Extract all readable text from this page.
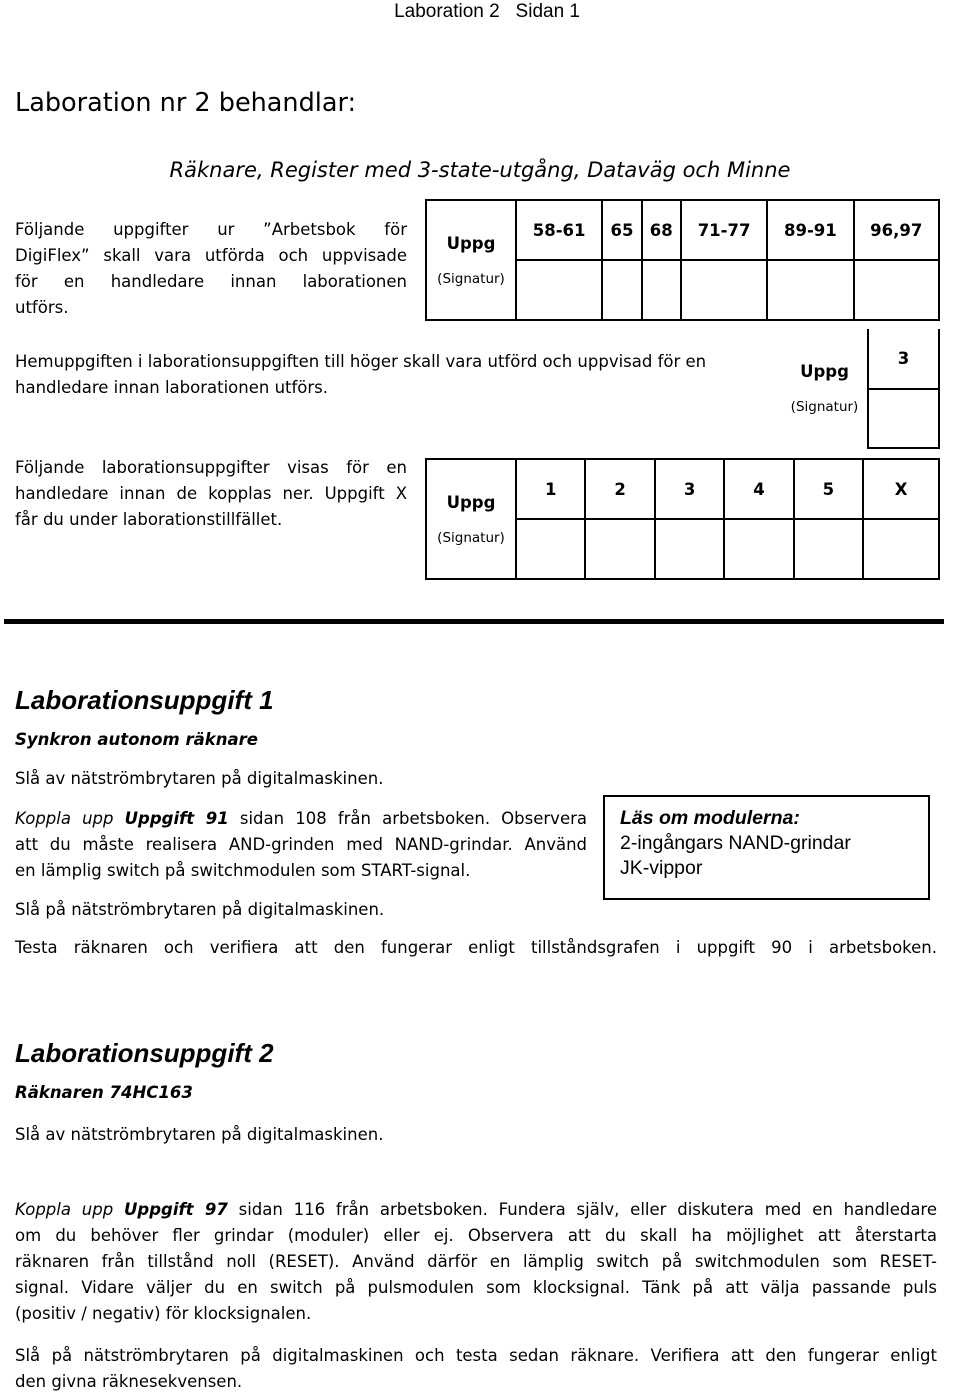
Laboration 2   Sidan 1
Laboration nr 2 behandlar:
Räknare, Register med 3-state-utgång, Dataväg och Minne
Följande uppgifter ur ”Arbetsbok för
DigiFlex” skall vara utförda och uppvisade
för en handledare innan laborationen
utförs.
Uppg
(Signatur)	58-61	65	68	71-77	89-91	96,97

Hemuppgiften i laborationsuppgiften till höger skall vara utförd och uppvisad för en
handledare innan laborationen utförs.
Uppg
(Signatur)
	3

Följande laborationsuppgifter visas för en
handledare innan de kopplas ner. Uppgift X
får du under laborationstillfället.
Uppg
(Signatur)	1	2	3	4	5	X

Laborationsuppgift 1
Synkron autonom räknare
Slå av nätströmbrytaren på digitalmaskinen.
Koppla upp Uppgift 91 sidan 108 från arbetsboken. Observera
att du måste realisera AND-grinden med NAND-grindar. Använd
en lämplig switch på switchmodulen som START-signal.
Läs om modulerna:
2-ingångars NAND-grindar
JK-vippor
Slå på nätströmbrytaren på digitalmaskinen.
Testa räknaren och verifiera att den fungerar enligt tillståndsgrafen i uppgift 90 i arbetsboken.
Laborationsuppgift 2
Räknaren 74HC163
Slå av nätströmbrytaren på digitalmaskinen.
Koppla upp Uppgift 97 sidan 116 från arbetsboken. Fundera själv, eller diskutera med en handledare
om du behöver fler grindar (moduler) eller ej. Observera att du skall ha möjlighet att återstarta
räknaren från tillstånd noll (RESET). Använd därför en lämplig switch på switchmodulen som RESET-
signal. Vidare väljer du en switch på pulsmodulen som klocksignal. Tänk på att välja passande puls
(positiv / negativ) för klocksignalen.
Slå på nätströmbrytaren på digitalmaskinen och testa sedan räknare. Verifiera att den fungerar enligt
den givna räknesekvensen.
